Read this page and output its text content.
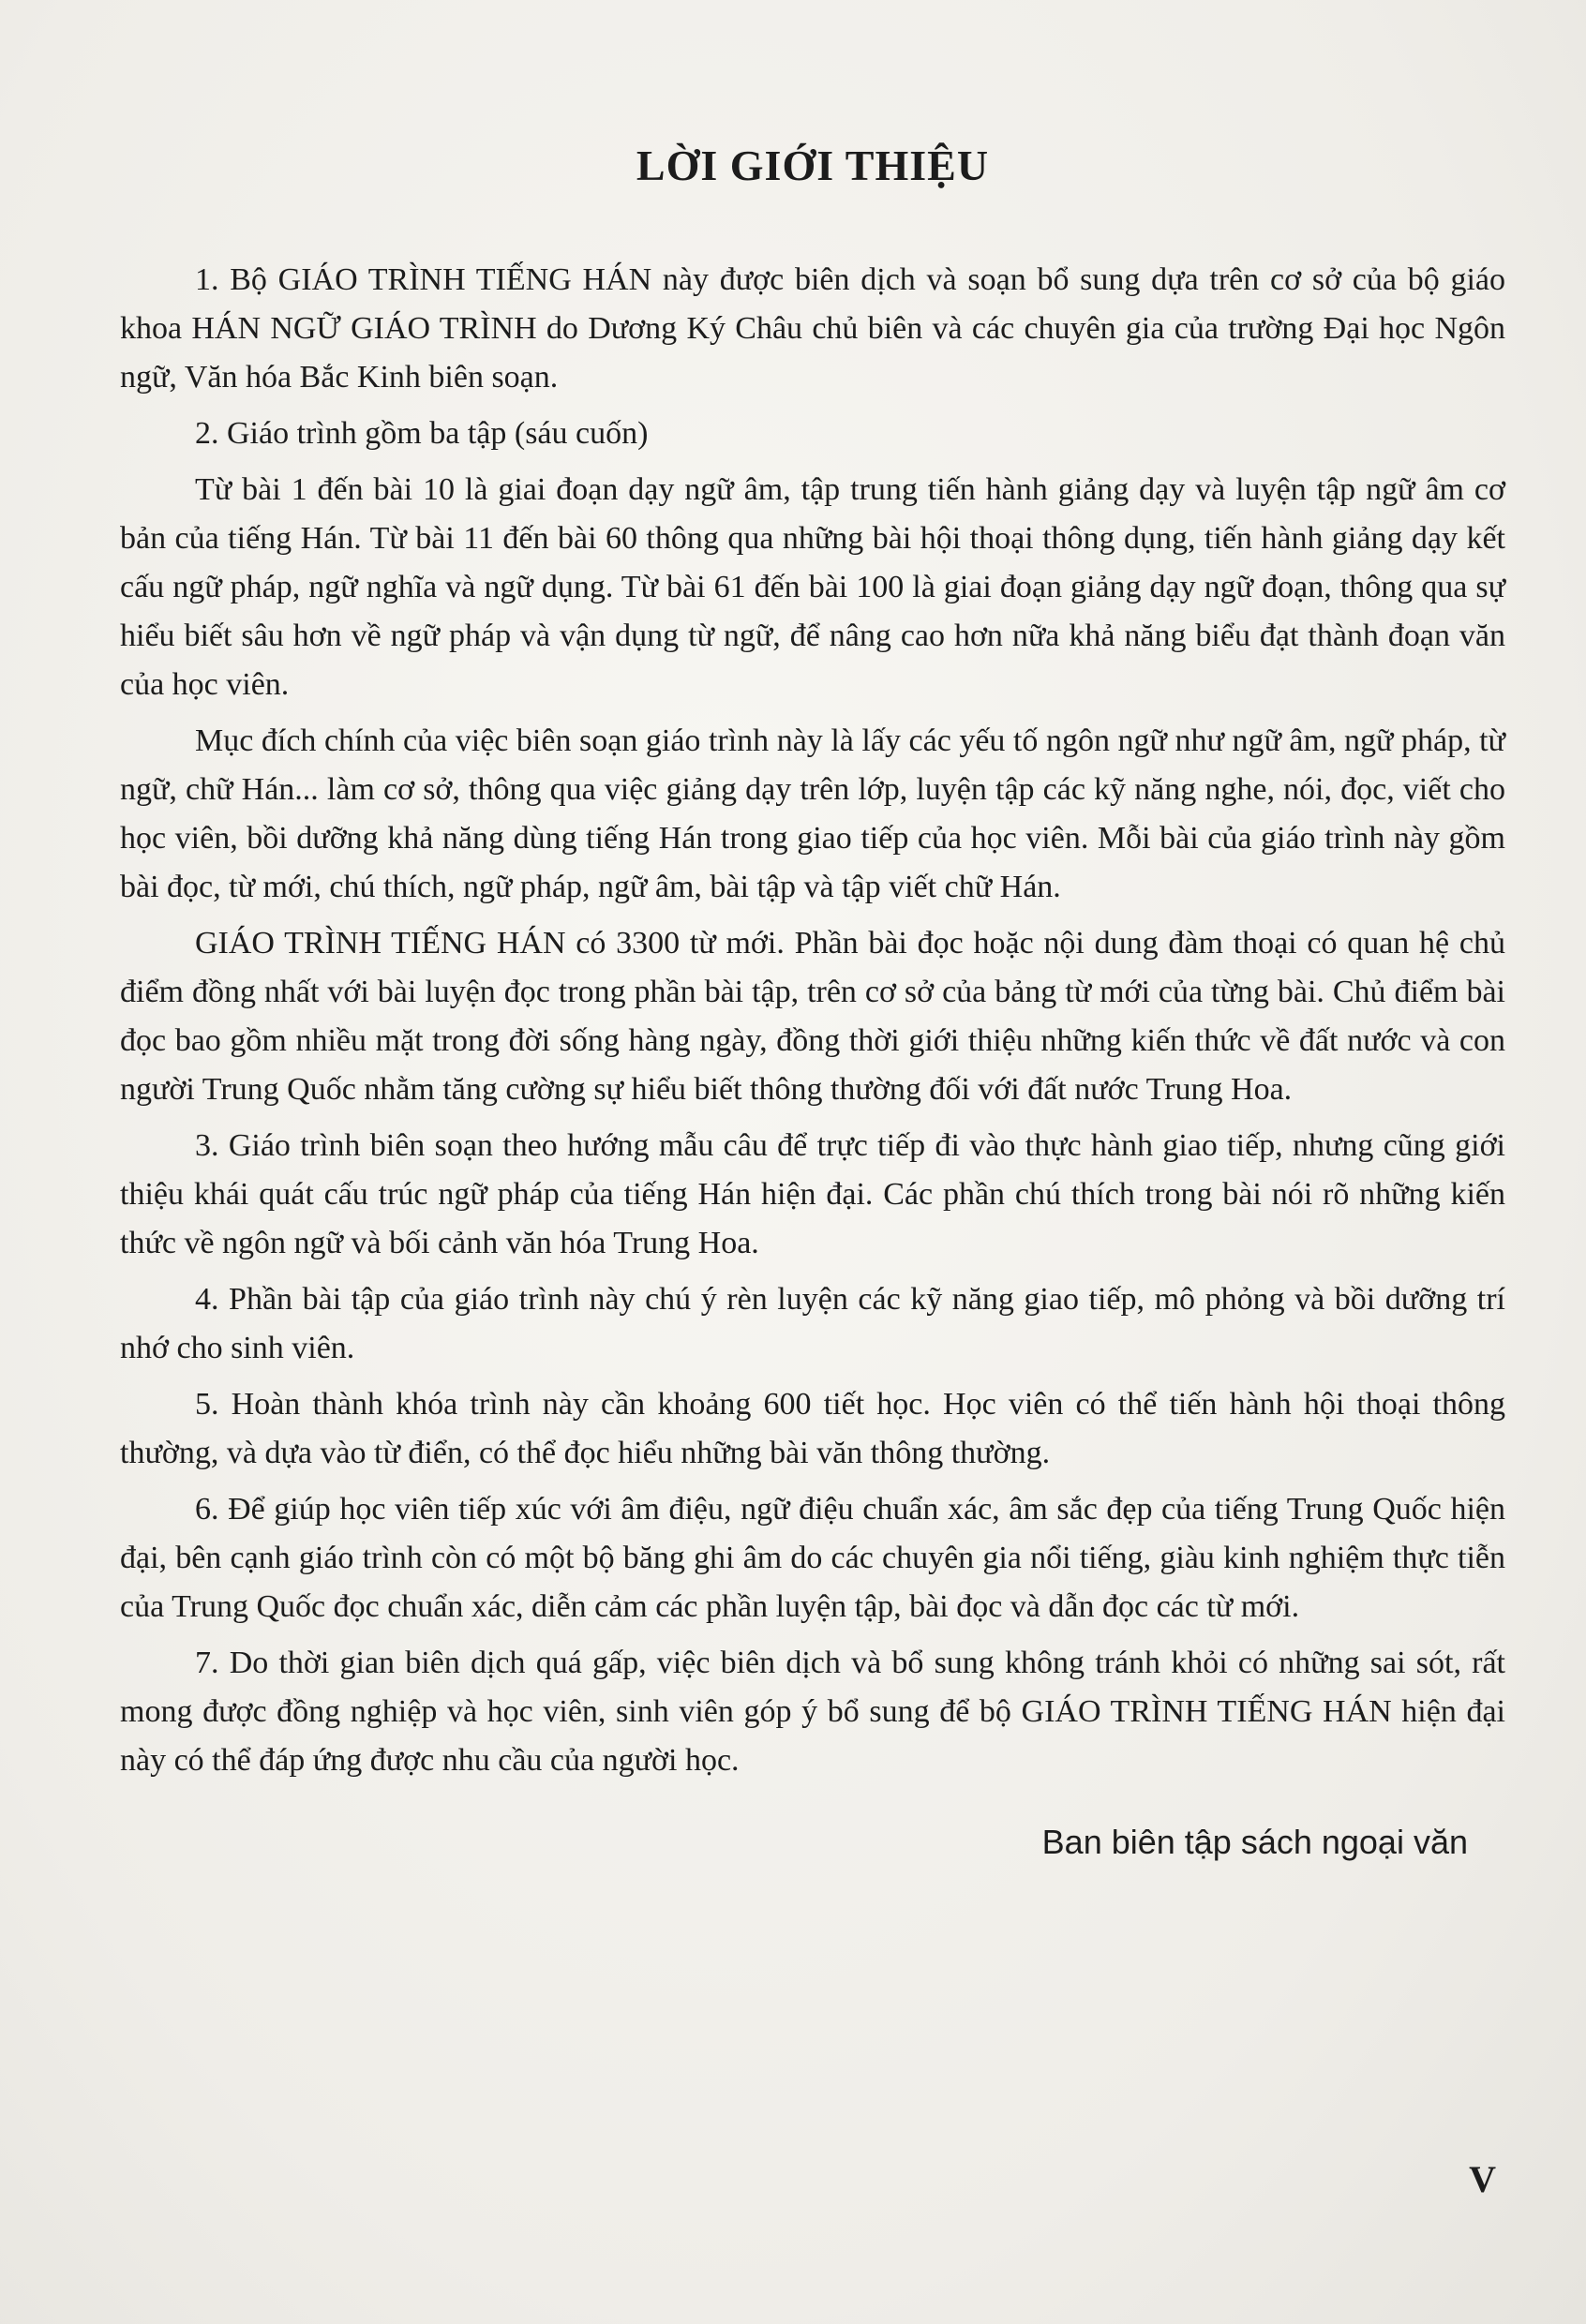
LỜI GIỚI THIỆU

1. Bộ GIÁO TRÌNH TIẾNG HÁN này được biên dịch và soạn bổ sung dựa trên cơ sở của bộ giáo khoa HÁN NGỮ GIÁO TRÌNH do Dương Ký Châu chủ biên và các chuyên gia của trường Đại học Ngôn ngữ, Văn hóa Bắc Kinh biên soạn.

2. Giáo trình gồm ba tập (sáu cuốn)

Từ bài 1 đến bài 10 là giai đoạn dạy ngữ âm, tập trung tiến hành giảng dạy và luyện tập ngữ âm cơ bản của tiếng Hán. Từ bài 11 đến bài 60 thông qua những bài hội thoại thông dụng, tiến hành giảng dạy kết cấu ngữ pháp, ngữ nghĩa và ngữ dụng. Từ bài 61 đến bài 100 là giai đoạn giảng dạy ngữ đoạn, thông qua sự hiểu biết sâu hơn về ngữ pháp và vận dụng từ ngữ, để nâng cao hơn nữa khả năng biểu đạt thành đoạn văn của học viên.

Mục đích chính của việc biên soạn giáo trình này là lấy các yếu tố ngôn ngữ như ngữ âm, ngữ pháp, từ ngữ, chữ Hán... làm cơ sở, thông qua việc giảng dạy trên lớp, luyện tập các kỹ năng nghe, nói, đọc, viết cho học viên, bồi dưỡng khả năng dùng tiếng Hán trong giao tiếp của học viên. Mỗi bài của giáo trình này gồm bài đọc, từ mới, chú thích, ngữ pháp, ngữ âm, bài tập và tập viết chữ Hán.

GIÁO TRÌNH TIẾNG HÁN có 3300 từ mới. Phần bài đọc hoặc nội dung đàm thoại có quan hệ chủ điểm đồng nhất với bài luyện đọc trong phần bài tập, trên cơ sở của bảng từ mới của từng bài. Chủ điểm bài đọc bao gồm nhiều mặt trong đời sống hàng ngày, đồng thời giới thiệu những kiến thức về đất nước và con người Trung Quốc nhằm tăng cường sự hiểu biết thông thường đối với đất nước Trung Hoa.

3. Giáo trình biên soạn theo hướng mẫu câu để trực tiếp đi vào thực hành giao tiếp, nhưng cũng giới thiệu khái quát cấu trúc ngữ pháp của tiếng Hán hiện đại. Các phần chú thích trong bài nói rõ những kiến thức về ngôn ngữ và bối cảnh văn hóa Trung Hoa.

4. Phần bài tập của giáo trình này chú ý rèn luyện các kỹ năng giao tiếp, mô phỏng và bồi dưỡng trí nhớ cho sinh viên.

5. Hoàn thành khóa trình này cần khoảng 600 tiết học. Học viên có thể tiến hành hội thoại thông thường, và dựa vào từ điển, có thể đọc hiểu những bài văn thông thường.

6. Để giúp học viên tiếp xúc với âm điệu, ngữ điệu chuẩn xác, âm sắc đẹp của tiếng Trung Quốc hiện đại, bên cạnh giáo trình còn có một bộ băng ghi âm do các chuyên gia nổi tiếng, giàu kinh nghiệm thực tiễn của Trung Quốc đọc chuẩn xác, diễn cảm các phần luyện tập, bài đọc và dẫn đọc các từ mới.

7. Do thời gian biên dịch quá gấp, việc biên dịch và bổ sung không tránh khỏi có những sai sót, rất mong được đồng nghiệp và học viên, sinh viên góp ý bổ sung để bộ GIÁO TRÌNH TIẾNG HÁN hiện đại này có thể đáp ứng được nhu cầu của người học.

Ban biên tập sách ngoại văn
V
